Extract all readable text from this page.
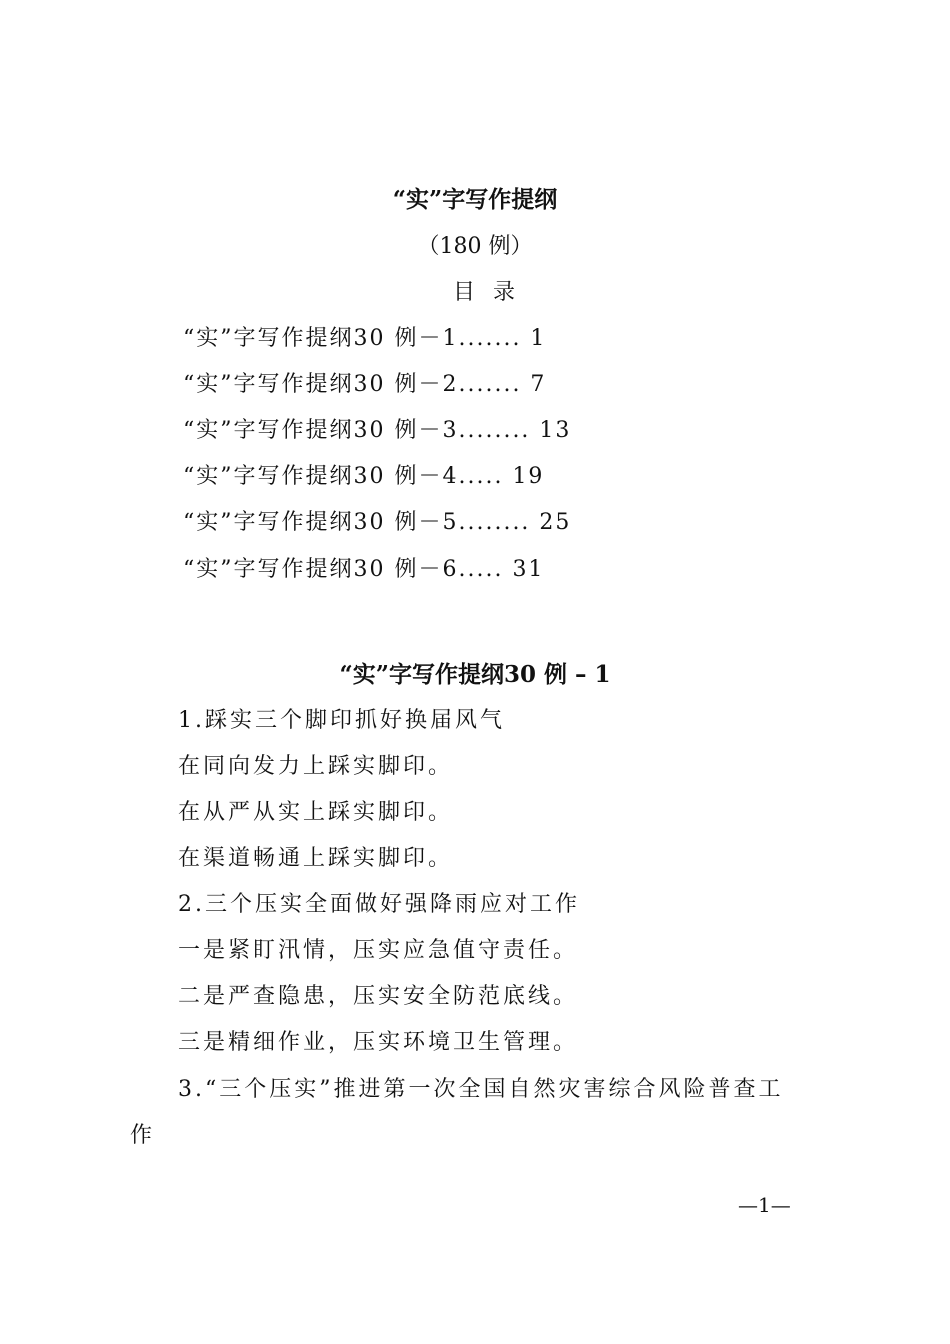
“实”字写作提纲
（180 例）
目录
“实”字写作提纲30 例－1....... 1
“实”字写作提纲30 例－2....... 7
“实”字写作提纲30 例－3........ 13
“实”字写作提纲30 例－4..... 19
“实”字写作提纲30 例－5........ 25
“实”字写作提纲30 例－6..... 31
“实”字写作提纲30 例 – 1
1.踩实三个脚印抓好换届风气
在同向发力上踩实脚印。
在从严从实上踩实脚印。
在渠道畅通上踩实脚印。
2.三个压实全面做好强降雨应对工作
一是紧盯汛情，压实应急值守责任。
二是严查隐患，压实安全防范底线。
三是精细作业，压实环境卫生管理。
3.“三个压实”推进第一次全国自然灾害综合风险普查工
作
—1—
